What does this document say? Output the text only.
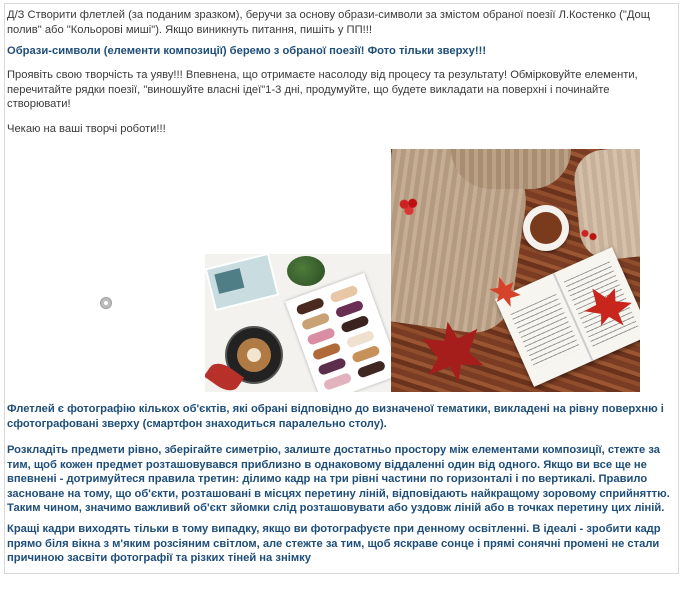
Д/З Створити флетлей (за поданим зразком), беручи за основу образи-символи за змістом обраної поезії Л.Костенко ("Дощ полив" або "Кольорові миші"). Якщо виникнуть питання, пишіть у ПП!!!

Образи-символи (елементи композиції) беремо з обраної поезії! Фото тільки зверху!!!

Проявіть свою творчість та уяву!!! Впевнена, що отримаєте насолоду від процесу та результату! Обмірковуйте елементи, перечитайте рядки поезії, "виношуйте власні ідеї"1-3 дні, продумуйте, що будете викладати на поверхні і починайте створювати!

Чекаю на ваші творчі роботи!!!

Флетлей є фотографію кількох об'єктів, які обрані відповідно до визначеної тематики, викладені на рівну поверхню і сфотографовані зверху (смартфон знаходиться паралельно столу).

Розкладіть предмети рівно, зберігайте симетрію, залиште достатньо простору між елементами композиції, стежте за тим, щоб кожен предмет розташовувався приблизно в однаковому віддаленні один від одного. Якщо ви все ще не впевнені - дотримуйтеся правила третин: ділимо кадр на три рівні частини по горизонталі і по вертикалі. Правило засноване на тому, що об'єкти, розташовані в місцях перетину ліній, відповідають найкращому зоровому сприйняттю. Таким чином, значимо важливий об'єкт зйомки слід розташовувати або уздовж ліній або в точках перетину цих ліній.

Кращі кадри виходять тільки в тому випадку, якщо ви фотографуєте при денному освітленні. В ідеалі - зробити кадр прямо біля вікна з м'яким розсіяним світлом, але стежте за тим, щоб яскраве сонце і прямі сонячні промені не стали причиною засвіти фотографії та різких тіней на знімку
